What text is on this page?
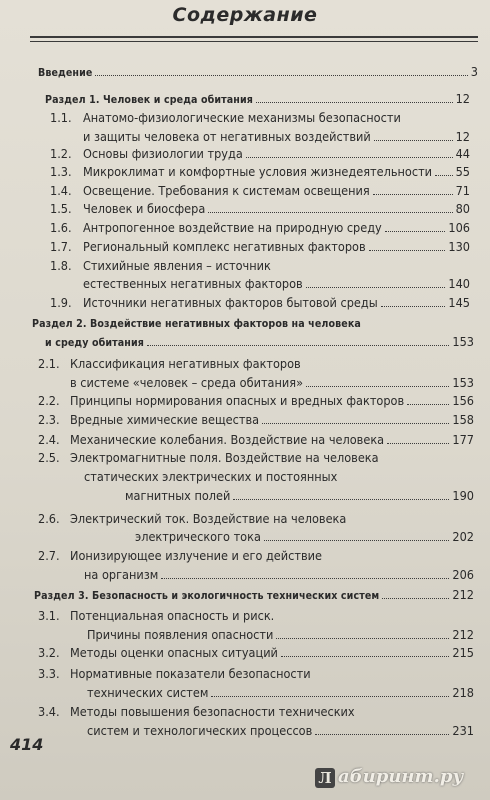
Содержание
Введение	3
Раздел 1. Человек и среда обитания	12
1.1. Анатомо-физиологические механизмы безопасности
и защиты человека от негативных воздействий	12
1.2. Основы физиологии труда	44
1.3. Микроклимат и комфортные условия жизнедеятельности 55
1.4. Освещение. Требования к системам освещения	71
1.5. Человек и биосфера	80
1.6. Антропогенное воздействие на природную среду	106
1.7. Региональный комплекс негативных факторов	130
1.8. Стихийные явления – источник
естественных негативных факторов	140
1.9. Источники негативных факторов бытовой среды	145
Раздел 2. Воздействие негативных факторов на человека
и среду обитания	153
2.1. Классификация негативных факторов
в системе «человек – среда обитания»	153
2.2. Принципы нормирования опасных и вредных факторов	156
2.3. Вредные химические вещества	158
2.4. Механические колебания. Воздействие на человека	177
2.5. Электромагнитные поля. Воздействие на человека
статических электрических и постоянных
магнитных полей	190
2.6. Электрический ток. Воздействие на человека
электрического тока	202
2.7. Ионизирующее излучение и его действие
на организм	206
Раздел 3. Безопасность и экологичность технических систем	212
3.1. Потенциальная опасность и риск.
Причины появления опасности	212
3.2. Методы оценки опасных ситуаций	215
3.3. Нормативные показатели безопасности
технических систем	218
3.4. Методы повышения безопасности технических
систем и технологических процессов	231
414
Л абиринт.ру
